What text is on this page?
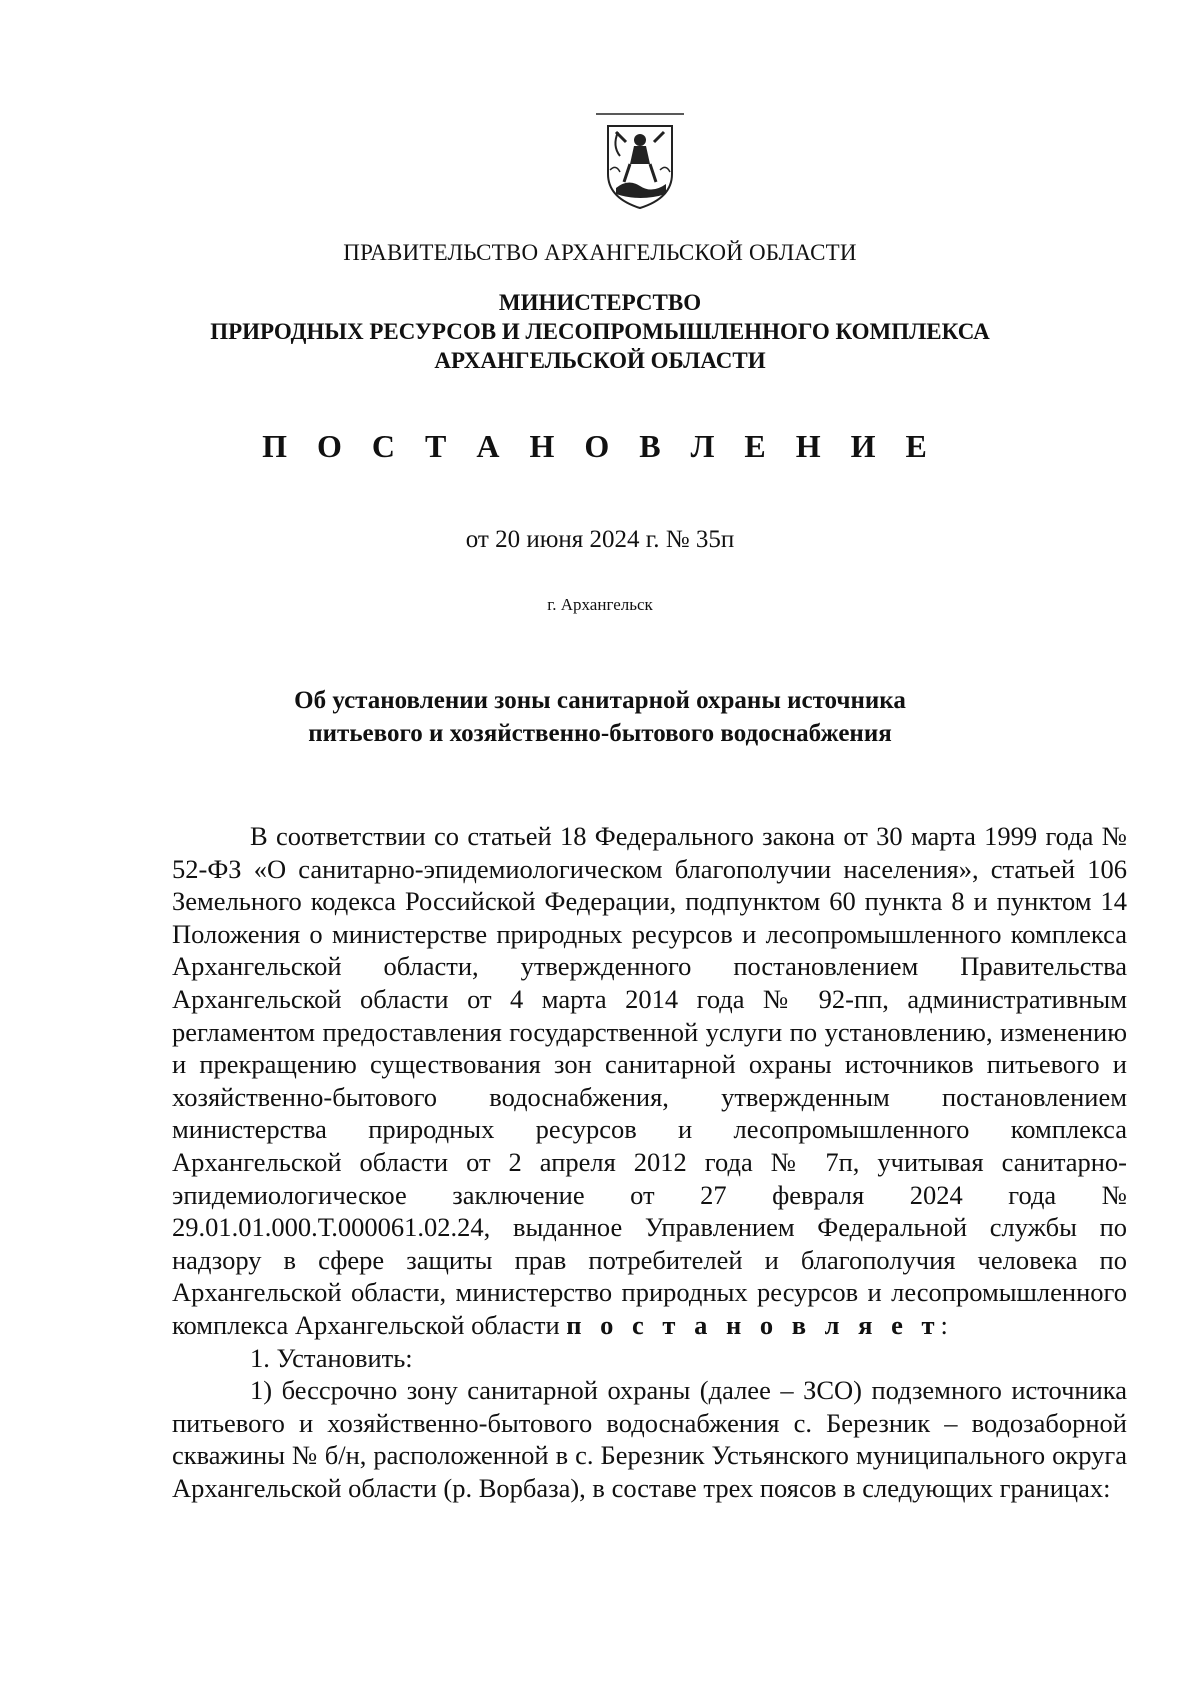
ПРАВИТЕЛЬСТВО АРХАНГЕЛЬСКОЙ ОБЛАСТИ
МИНИСТЕРСТВО
ПРИРОДНЫХ РЕСУРСОВ И ЛЕСОПРОМЫШЛЕННОГО КОМПЛЕКСА
АРХАНГЕЛЬСКОЙ ОБЛАСТИ
П О С Т А Н О В Л Е Н И Е
от 20 июня 2024 г. № 35п
г. Архангельск
Об установлении зоны санитарной охраны источника
питьевого и хозяйственно-бытового водоснабжения

В соответствии со статьей 18 Федерального закона от 30 марта 1999 года № 52-ФЗ «О санитарно-эпидемиологическом благополучии населения», статьей 106 Земельного кодекса Российской Федерации, подпунктом 60 пункта 8 и пунктом 14 Положения о министерстве природных ресурсов и лесопромышленного комплекса Архангельской области, утвержденного постановлением Правительства Архангельской области от 4 марта 2014 года № 92-пп, административным регламентом предоставления государственной услуги по установлению, изменению и прекращению существования зон санитарной охраны источников питьевого и хозяйственно-бытового водоснабжения, утвержденным постановлением министерства природных ресурсов и лесопромышленного комплекса Архангельской области от 2 апреля 2012 года № 7п, учитывая санитарно-эпидемиологическое заключение от 27 февраля 2024 года № 29.01.01.000.Т.000061.02.24, выданное Управлением Федеральной службы по надзору в сфере защиты прав потребителей и благополучия человека по Архангельской области, министерство природных ресурсов и лесопромышленного комплекса Архангельской области п о с т а н о в л я е т:

1. Установить:

1) бессрочно зону санитарной охраны (далее – ЗСО) подземного источника питьевого и хозяйственно-бытового водоснабжения с. Березник – водозаборной скважины № б/н, расположенной в с. Березник Устьянского муниципального округа Архангельской области (р. Ворбаза), в составе трех поясов в следующих границах:
